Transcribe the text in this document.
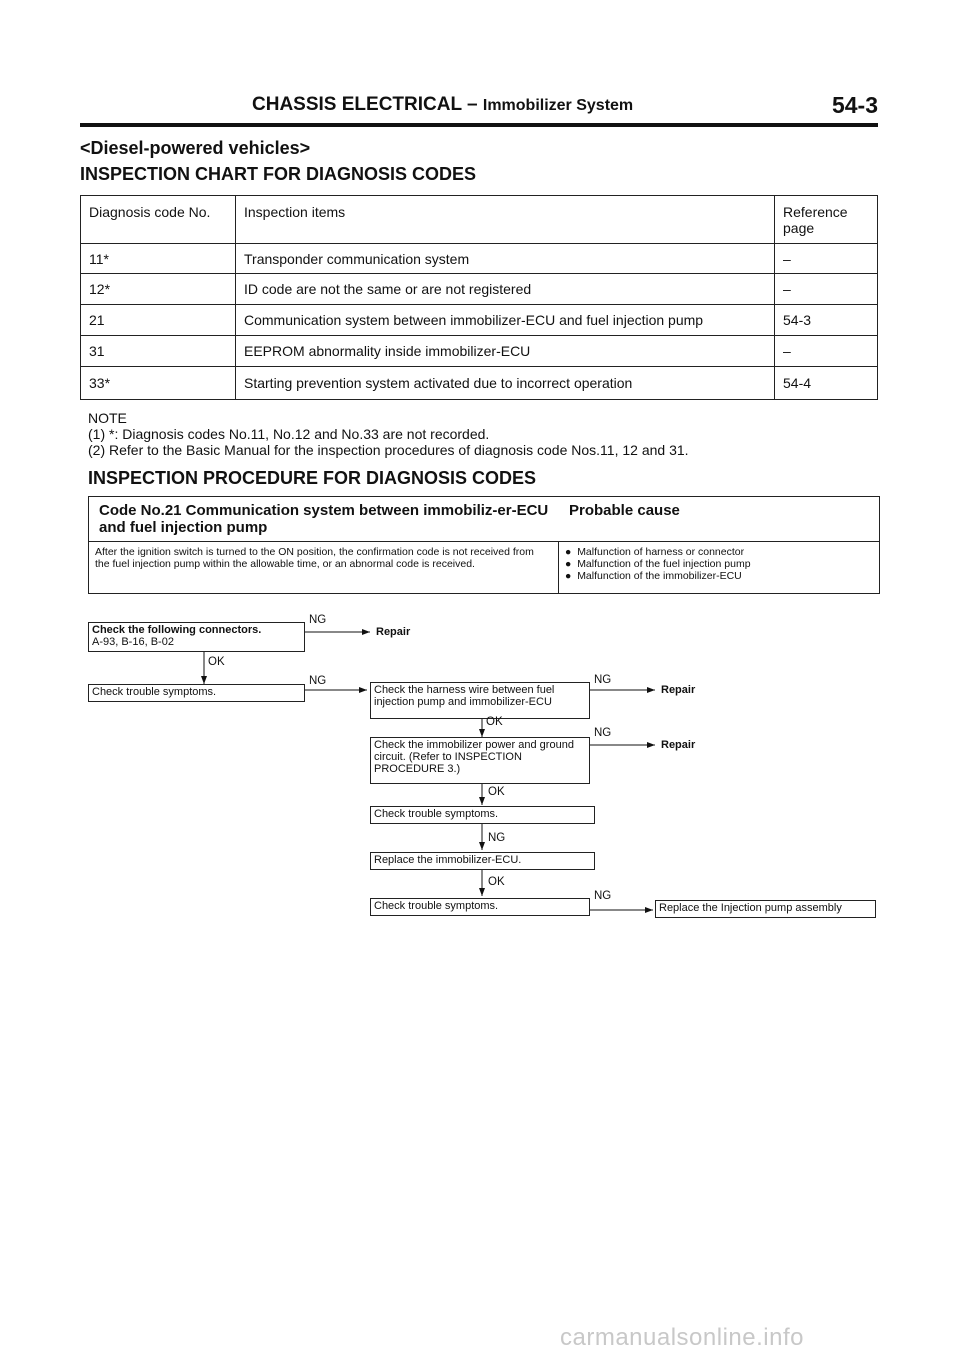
CHASSIS ELECTRICAL – Immobilizer System	54-3
<Diesel-powered vehicles>
INSPECTION CHART FOR DIAGNOSIS CODES
Diagnosis code No.	Inspection items	Reference page
11*	Transponder communication system	–
12*	ID code are not the same or are not registered	–
21	Communication system between immobilizer-ECU and fuel injection pump	54-3
31	EEPROM abnormality inside immobilizer-ECU	–
33*	Starting prevention system activated due to incorrect operation	54-4
NOTE
(1) *: Diagnosis codes No.11, No.12 and No.33 are not recorded.
(2) Refer to the Basic Manual for the inspection procedures of diagnosis code Nos.11, 12 and 31.
INSPECTION PROCEDURE FOR DIAGNOSIS CODES
Code No.21 Communication system between immobiliz-er-ECU and fuel injection pump
Probable cause
After the ignition switch is turned to the ON position, the confirmation code is not received from the fuel injection pump within the allowable time, or an abnormal code is received.
●  Malfunction of harness or connector
●  Malfunction of the fuel injection pump
●  Malfunction of the immobilizer-ECU
Check the following connectors.
A-93, B-16, B-02
NG
Repair
OK
Check trouble symptoms.
NG
Check the harness wire between fuel injection pump and immobilizer-ECU
NG
Repair
OK
Check the immobilizer power and ground circuit. (Refer to INSPECTION PROCEDURE 3.)
NG
Repair
OK
Check trouble symptoms.
NG
Replace the immobilizer-ECU.
OK
Check trouble symptoms.
NG
Replace the Injection pump assembly
carmanualsonline.info
